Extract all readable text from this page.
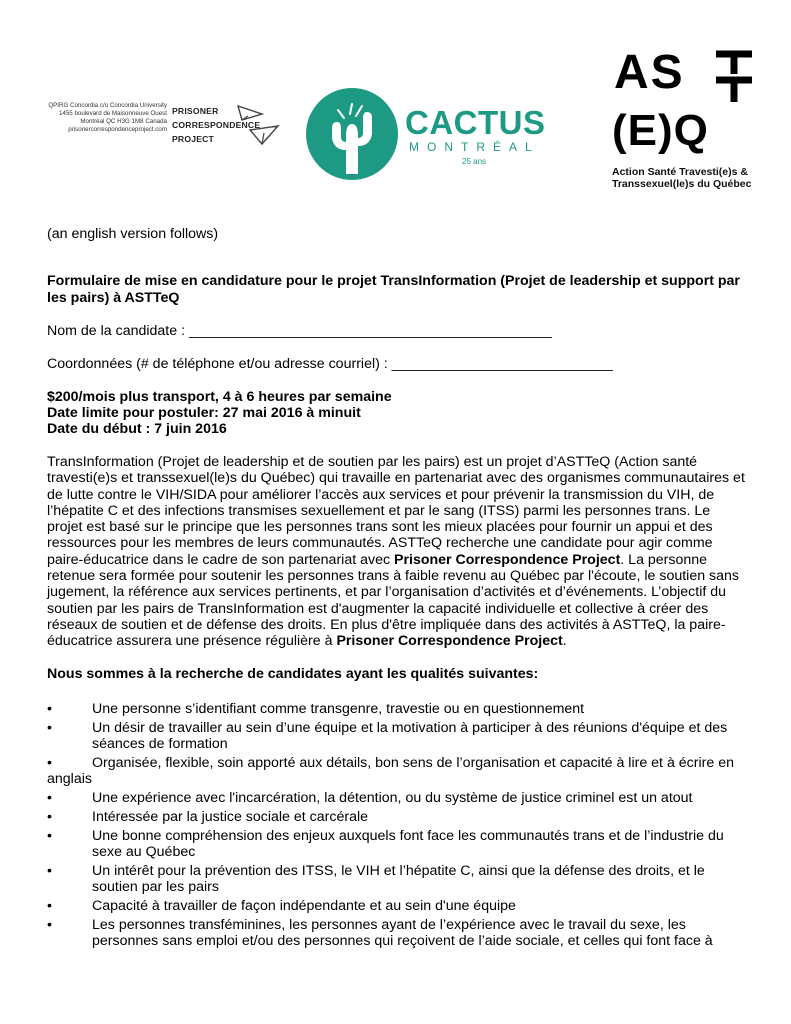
QPIRG Concordia c/o Concordia University
1455 boulevard de Maisonneuve Ouest
Montréal QC H3G 1M8 Canada
prisonercorrespondenceproject.com
PRISONER
CORRESPONDENCE
PROJECT	CACTUS
MONTRÉAL
25 ans
AS
(E)Q
Action Santé Travesti(e)s &
Transsexuel(le)s du Québec
(an english version follows)
Formulaire de mise en candidature pour le projet TransInformation (Projet de leadership et support par les pairs) à ASTTeQ
Nom de la candidate : ______________________________________________
Coordonnées (# de téléphone et/ou adresse courriel) : ____________________________
$200/mois plus transport, 4 à 6 heures par semaine
Date limite pour postuler: 27 mai 2016 à minuit
Date du début : 7 juin 2016
TransInformation (Projet de leadership et de soutien par les pairs) est un projet d’ASTTeQ (Action santé travesti(e)s et transsexuel(le)s du Québec) qui travaille en partenariat avec des organismes communautaires et de lutte contre le VIH/SIDA pour améliorer l’accès aux services et pour prévenir la transmission du VIH, de l’hépatite C et des infections transmises sexuellement et par le sang (ITSS) parmi les personnes trans. Le projet est basé sur le principe que les personnes trans sont les mieux placées pour fournir un appui et des ressources pour les membres de leurs communautés. ASTTeQ recherche une candidate pour agir comme paire-éducatrice dans le cadre de son partenariat avec Prisoner Correspondence Project. La personne retenue sera formée pour soutenir les personnes trans à faible revenu au Québec par l'écoute, le soutien sans jugement, la référence aux services pertinents, et par l’organisation d’activités et d’événements. L’objectif du soutien par les pairs de TransInformation est d'augmenter la capacité individuelle et collective à créer des réseaux de soutien et de défense des droits. En plus d'être impliquée dans des activités à ASTTeQ, la paire-éducatrice assurera une présence régulière à Prisoner Correspondence Project.
Nous sommes à la recherche de candidates ayant les qualités suivantes:
•	Une personne s’identifiant comme transgenre, travestie ou en questionnement
•	Un désir de travailler au sein d’une équipe et la motivation à participer à des réunions d'équipe et des séances de formation
•	Organisée, flexible, soin apporté aux détails, bon sens de l’organisation et capacité à lire et à écrire en
anglais
•	Une expérience avec l'incarcération, la détention, ou du système de justice criminel est un atout
•	Intéressée par la justice sociale et carcérale
•	Une bonne compréhension des enjeux auxquels font face les communautés trans et de l’industrie du sexe au Québec
•	Un intérêt pour la prévention des ITSS, le VIH et l’hépatite C, ainsi que la défense des droits, et le soutien par les pairs
•	Capacité à travailler de façon indépendante et au sein d'une équipe
•	Les personnes transféminines, les personnes ayant de l’expérience avec le travail du sexe, les personnes sans emploi et/ou des personnes qui reçoivent de l’aide sociale, et celles qui font face à
